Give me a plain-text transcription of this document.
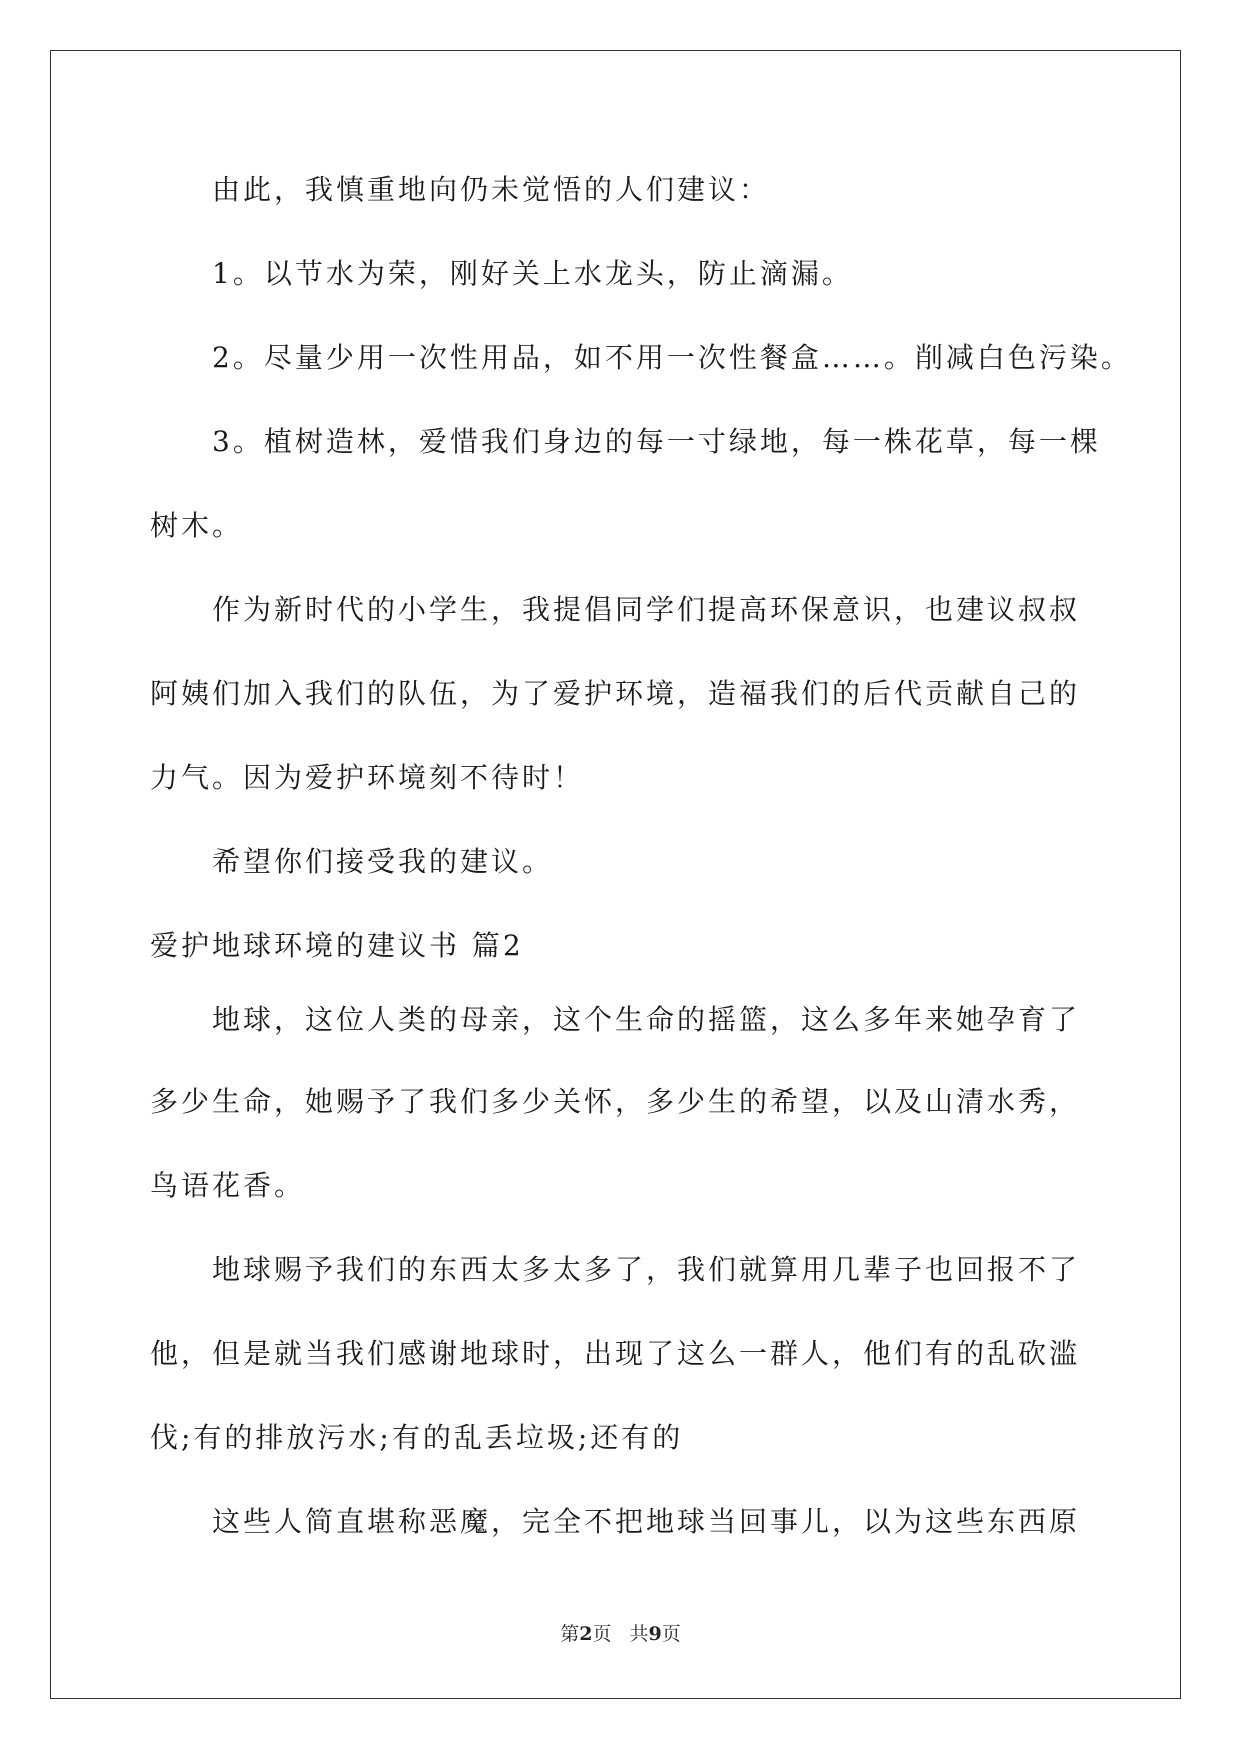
由此，我慎重地向仍未觉悟的人们建议：
1。以节水为荣，刚好关上水龙头，防止滴漏。
2。尽量少用一次性用品，如不用一次性餐盒……。削减白色污染。
3。植树造林，爱惜我们身边的每一寸绿地，每一株花草，每一棵
树木。
作为新时代的小学生，我提倡同学们提高环保意识，也建议叔叔
阿姨们加入我们的队伍，为了爱护环境，造福我们的后代贡献自己的
力气。因为爱护环境刻不待时！
希望你们接受我的建议。
爱护地球环境的建议书 篇2
地球，这位人类的母亲，这个生命的摇篮，这么多年来她孕育了
多少生命，她赐予了我们多少关怀，多少生的希望，以及山清水秀，
鸟语花香。
地球赐予我们的东西太多太多了，我们就算用几辈子也回报不了
他，但是就当我们感谢地球时，出现了这么一群人，他们有的乱砍滥
伐;有的排放污水;有的乱丢垃圾;还有的
这些人简直堪称恶魔，完全不把地球当回事儿，以为这些东西原
第2页 共9页
